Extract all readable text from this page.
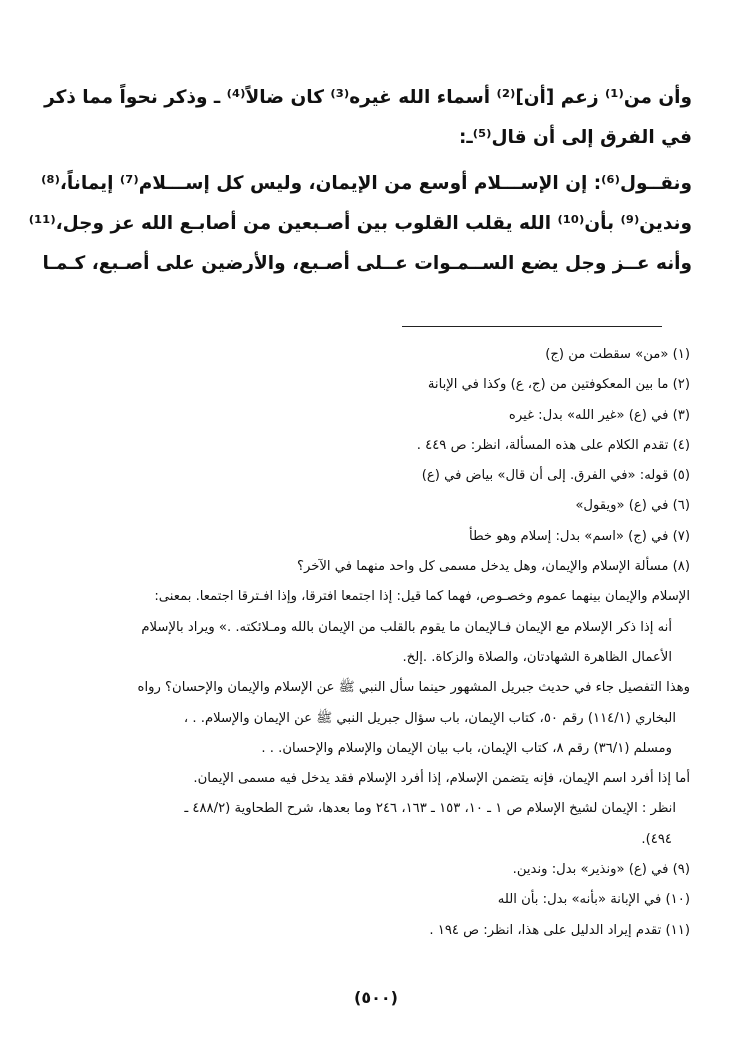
وأن من⁽¹⁾ زعم [أن]⁽²⁾ أسماء الله غيره⁽³⁾ كان ضالاً⁽⁴⁾ ـ وذكر نحواً مما ذكر
في الفرق إلى أن قال⁽⁵⁾ـ:
ونقــول⁽⁶⁾: إن الإســـلام أوسع من الإيمان، وليس كل إســـلام⁽⁷⁾ إيماناً،⁽⁸⁾
وندين⁽⁹⁾ بأن⁽¹⁰⁾ الله يقلب القلوب بين أصـبعين من أصابـع الله عز وجل،⁽¹¹⁾
وأنه عــز وجل يضع الســمـوات عــلى أصـبع، والأرضين على أصـبع، كـمـا
(١) «من» سقطت من (ج)
(٢) ما بين المعكوفتين من (ج، ع) وكذا في الإبانة
(٣) في (ع) «غير الله» بدل: غيره
(٤) تقدم الكلام على هذه المسألة، انظر: ص ٤٤٩ .
(٥) قوله: «في الفرق. إلى أن قال» بياض في (ع)
(٦) في (ع) «ويقول»
(٧) في (ج) «اسم» بدل: إسلام وهو خطأ
(٨) مسألة الإسلام والإيمان، وهل يدخل مسمى كل واحد منهما في الآخر؟
الإسلام والإيمان بينهما عموم وخصـوص، فهما كما قيل: إذا اجتمعا افترقا، وإذا افـترقا اجتمعا. بمعنى:
أنه إذا ذكر الإسلام مع الإيمان فـالإيمان ما يقوم بالقلب من الإيمان بالله ومـلائكته. .» ويراد بالإسلام
الأعمال الظاهرة الشهادتان، والصلاة والزكاة. .إلخ.
وهذا التفصيل جاء في حديث جبريل المشهور حينما سأل النبي ﷺ عن الإسلام والإيمان والإحسان؟ رواه
البخاري (١١٤/١) رقم ٥٠، كتاب الإيمان، باب سؤال جبريل النبي ﷺ عن الإيمان والإسلام. . ،
ومسلم (٣٦/١) رقم ٨، كتاب الإيمان، باب بيان الإيمان والإسلام والإحسان. . .
أما إذا أفرد اسم الإيمان، فإنه يتضمن الإسلام، إذا أفرد الإسلام فقد يدخل فيه مسمى الإيمان.
انظر : الإيمان لشيخ الإسلام ص ١ ـ ١٠، ١٥٣ ـ ١٦٣، ٢٤٦ وما بعدها، شرح الطحاوية (٤٨٨/٢ ـ
٤٩٤).
(٩) في (ع) «ونذير» بدل: وندين.
(١٠) في الإبانة «بأنه» بدل: بأن الله
(١١) تقدم إيراد الدليل على هذا، انظر: ص ١٩٤ .
(٥٠٠)
